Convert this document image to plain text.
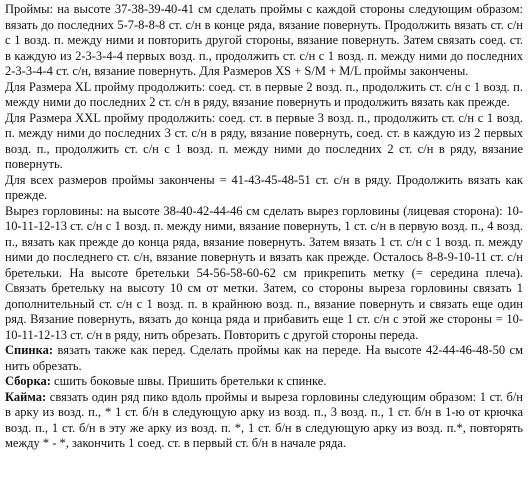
Проймы: на высоте 37-38-39-40-41 см сделать проймы с каждой стороны следующим образом: вязать до последних 5-7-8-8-8 ст. с/н в конце ряда, вязание повернуть. Продолжить вязать ст. с/н с 1 возд. п. между ними и повторить другой стороны, вязание повернуть. Затем связать соед. ст. в каждую из 2-3-3-4-4 первых возд. п., продолжить ст. с/н с 1 возд. п. между ними до последних 2-3-3-4-4 ст. с/н, вязание повернуть. Для Размеров XS + S/M + M/L проймы закончены.

Для Размера XL пройму продолжить: соед. ст. в первые 2 возд. п., продолжить ст. с/н с 1 возд. п. между ними до последних 2 ст. с/н в ряду, вязание повернуть и продолжить вязать как прежде.

Для Размера XXL пройму продолжить: соед. ст. в первые 3 возд. п., продолжить ст. с/н с 1 возд. п. между ними до последних 3 ст. с/н в ряду, вязание повернуть, соед. ст. в каждую из 2 первых возд. п., продолжить ст. с/н с 1 возд. п. между ними до последних 2 ст. с/н в ряду, вязание повернуть.

Для всех размеров проймы закончены = 41-43-45-48-51 ст. с/н в ряду. Продолжить вязать как прежде.

Вырез горловины: на высоте 38-40-42-44-46 см сделать вырез горловины (лицевая сторона): 10-10-11-12-13 ст. с/н с 1 возд. п. между ними, вязание повернуть, 1 ст. с/н в первую возд. п., 4 возд. п., вязать как прежде до конца ряда, вязание повернуть. Затем вязать 1 ст. с/н с 1 возд. п. между ними до последнего ст. с/н, вязание повернуть и вязать как прежде. Осталось 8-8-9-10-11 ст. с/н бретельки. На высоте бретельки 54-56-58-60-62 см прикрепить метку (= середина плеча). Связать бретельку на высоту 10 см от метки. Затем, со стороны выреза горловины связать 1 дополнительный ст. с/н с 1 возд. п. в крайнюю возд. п., вязание повернуть и связать еще один ряд. Вязание повернуть, вязать до конца ряда и прибавить еще 1 ст. с/н с этой же стороны = 10-10-11-12-13 ст. с/н в ряду, нить обрезать. Повторить с другой стороны переда.

Спинка: вязать также как перед. Сделать проймы как на переде. На высоте 42-44-46-48-50 см нить обрезать.

Сборка: сшить боковые швы. Пришить бретельки к спинке.

Кайма: связать один ряд пико вдоль проймы и выреза горловины следующим образом: 1 ст. б/н в арку из возд. п., * 1 ст. б/н в следующую арку из возд. п., 3 возд. п., 1 ст. б/н в 1-ю от крючка возд. п., 1 ст. б/н в эту же арку из возд. п. *, 1 ст. б/н в следующую арку из возд. п.*, повторять между * - *, закончить 1 соед. ст. в первый ст. б/н в начале ряда.
